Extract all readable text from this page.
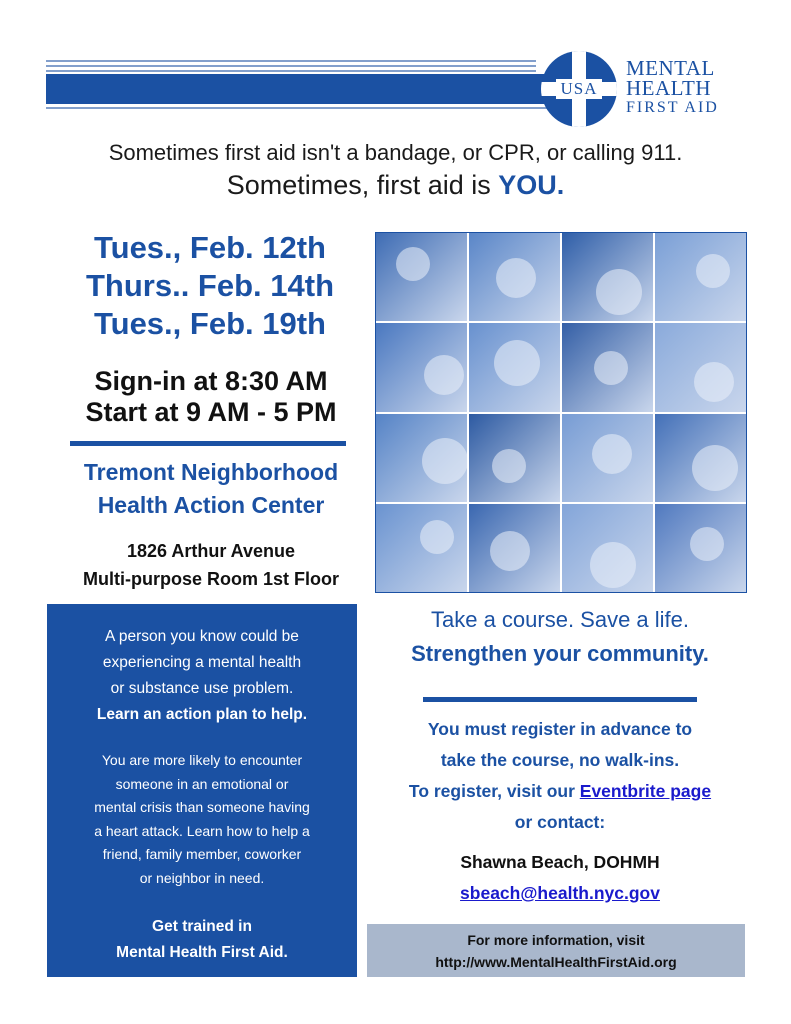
USA
MENTAL
HEALTH
FIRST AID
Sometimes first aid isn't a bandage, or CPR, or calling 911.
Sometimes, first aid is YOU.
Tues., Feb. 12th
Thurs.. Feb. 14th
Tues., Feb. 19th
Sign-in at 8:30 AM
Start at 9 AM - 5 PM
Tremont Neighborhood
Health Action Center
1826 Arthur Avenue
Multi-purpose Room 1st Floor
A person you know could be
experiencing a mental health
or substance use problem.
Learn an action plan to help.
You are more likely to encounter
someone in an emotional or
mental crisis than someone having
a heart attack. Learn how to help a
friend, family member, coworker
or neighbor in need.
Get trained in
Mental Health First Aid.
Take a course. Save a life.
Strengthen your community.
You must register in advance to
take the course, no walk-ins.
To register, visit our Eventbrite page
or contact:
Shawna Beach, DOHMH
sbeach@health.nyc.gov
For more information, visit
http://www.MentalHealthFirstAid.org
